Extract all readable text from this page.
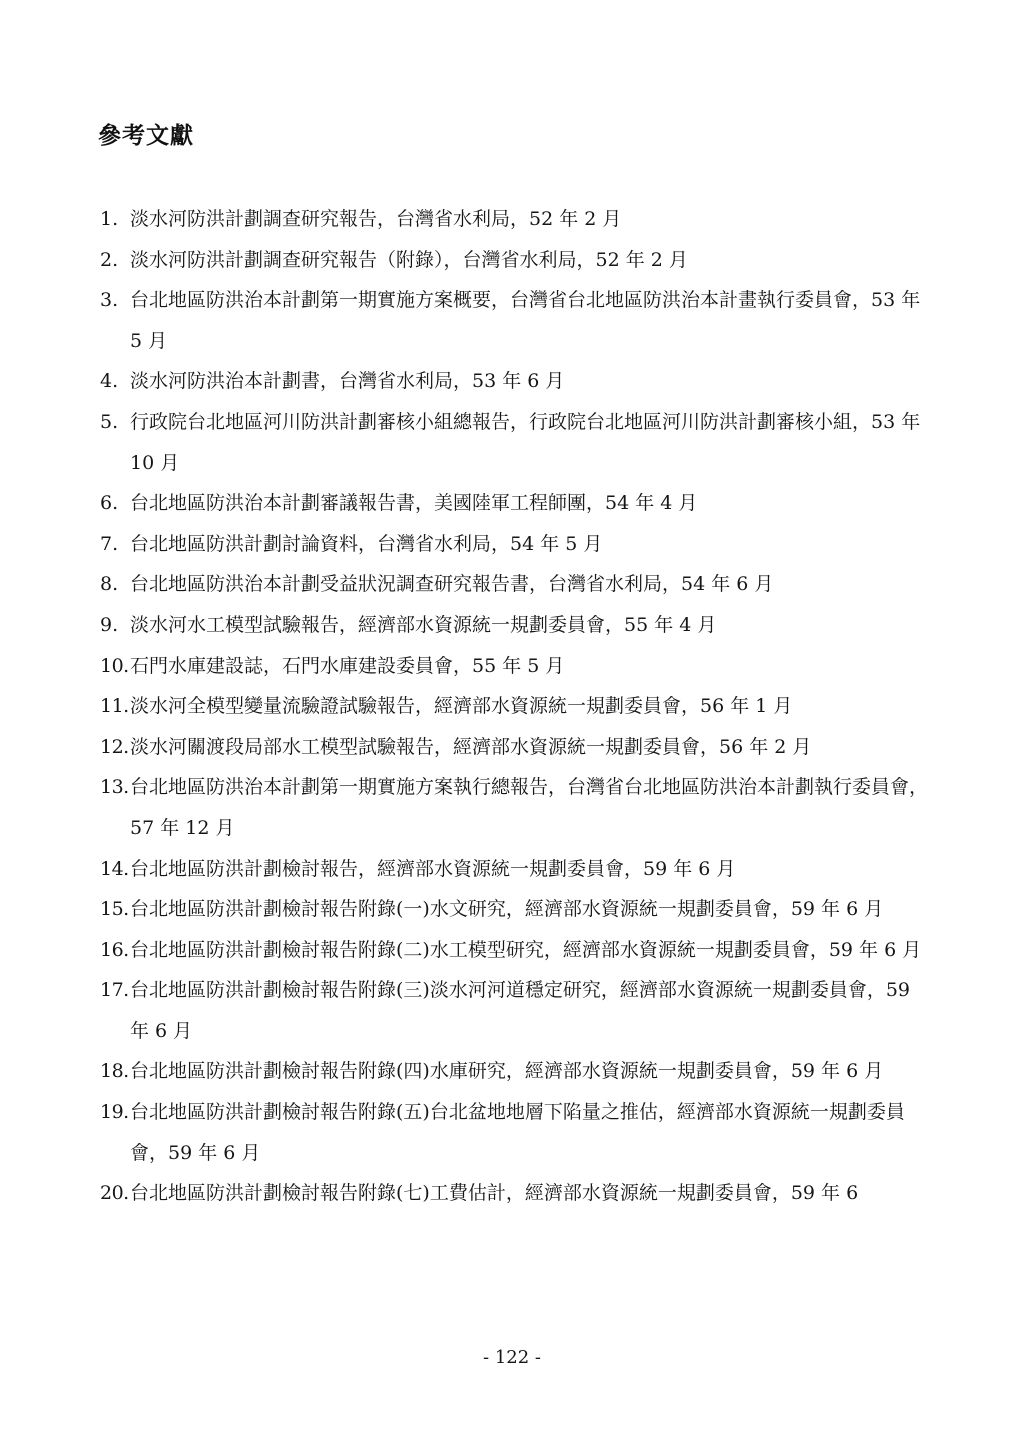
參考文獻
1. 淡水河防洪計劃調查研究報告，台灣省水利局，52 年 2 月
2. 淡水河防洪計劃調查研究報告（附錄），台灣省水利局，52 年 2 月
3. 台北地區防洪治本計劃第一期實施方案概要，台灣省台北地區防洪治本計畫執行委員會，53 年 5 月
4. 淡水河防洪治本計劃書，台灣省水利局，53 年 6 月
5. 行政院台北地區河川防洪計劃審核小組總報告，行政院台北地區河川防洪計劃審核小組，53 年 10 月
6. 台北地區防洪治本計劃審議報告書，美國陸軍工程師團，54 年 4 月
7. 台北地區防洪計劃討論資料，台灣省水利局，54 年 5 月
8. 台北地區防洪治本計劃受益狀況調查研究報告書，台灣省水利局，54 年 6 月
9. 淡水河水工模型試驗報告，經濟部水資源統一規劃委員會，55 年 4 月
10. 石門水庫建設誌，石門水庫建設委員會，55 年 5 月
11. 淡水河全模型變量流驗證試驗報告，經濟部水資源統一規劃委員會，56 年 1 月
12. 淡水河關渡段局部水工模型試驗報告，經濟部水資源統一規劃委員會，56 年 2 月
13. 台北地區防洪治本計劃第一期實施方案執行總報告，台灣省台北地區防洪治本計劃執行委員會，57 年 12 月
14. 台北地區防洪計劃檢討報告，經濟部水資源統一規劃委員會，59 年 6 月
15. 台北地區防洪計劃檢討報告附錄(一)水文研究，經濟部水資源統一規劃委員會，59 年 6 月
16. 台北地區防洪計劃檢討報告附錄(二)水工模型研究，經濟部水資源統一規劃委員會，59 年 6 月
17. 台北地區防洪計劃檢討報告附錄(三)淡水河河道穩定研究，經濟部水資源統一規劃委員會，59 年 6 月
18. 台北地區防洪計劃檢討報告附錄(四)水庫研究，經濟部水資源統一規劃委員會，59 年 6 月
19. 台北地區防洪計劃檢討報告附錄(五)台北盆地地層下陷量之推估，經濟部水資源統一規劃委員會，59 年 6 月
20. 台北地區防洪計劃檢討報告附錄(七)工費估計，經濟部水資源統一規劃委員會，59 年 6
- 122 -
